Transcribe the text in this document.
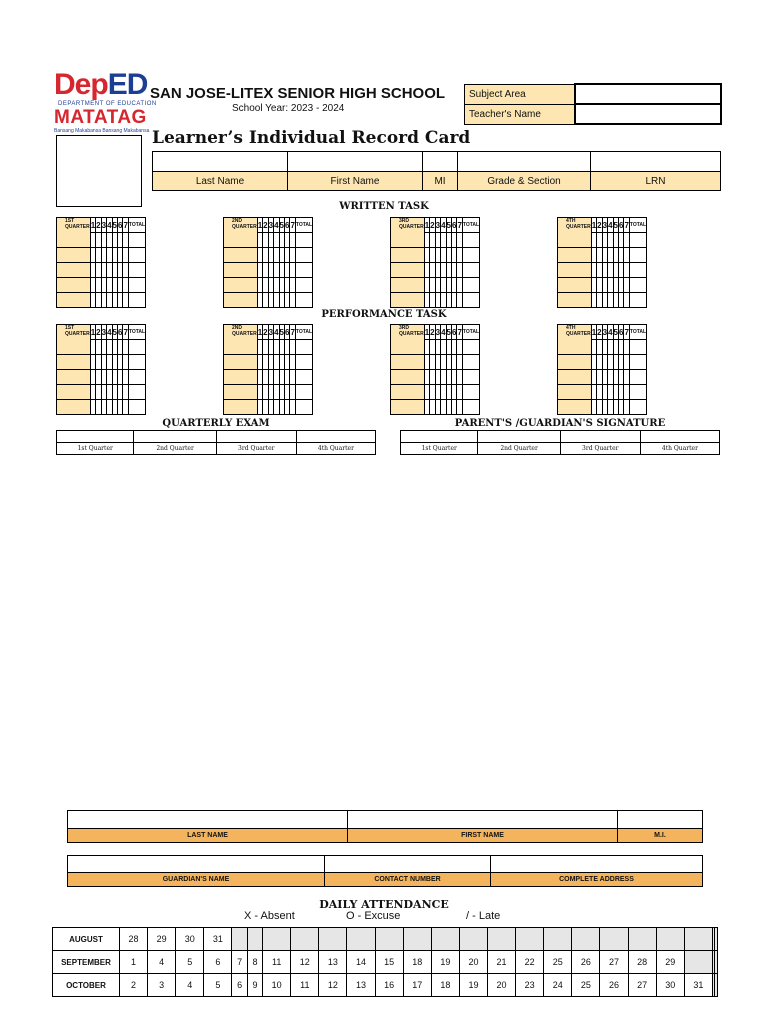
DepED
DEPARTMENT OF EDUCATION
MATATAG
Bansang Makabansa Bansang Makabansa
SAN JOSE-LITEX SENIOR HIGH SCHOOL
School Year: 2023 - 2024
Subject Area	
Teacher's Name	
Learner’s Individual Record Card

Last Name	First Name	MI	Grade & Section	LRN
WRITTEN TASK
1ST QUARTER	1	2	3	4	5	6	7	TOTAL

2ND QUARTER	1	2	3	4	5	6	7	TOTAL

3RD QUARTER	1	2	3	4	5	6	7	TOTAL

4TH QUARTER	1	2	3	4	5	6	7	TOTAL

PERFORMANCE TASK
1ST QUARTER	1	2	3	4	5	6	7	TOTAL

2ND QUARTER	1	2	3	4	5	6	7	TOTAL

3RD QUARTER	1	2	3	4	5	6	7	TOTAL

4TH QUARTER	1	2	3	4	5	6	7	TOTAL

QUARTERLY EXAM

1st Quarter	2nd Quarter	3rd Quarter	4th Quarter
PARENT'S /GUARDIAN'S SIGNATURE

1st Quarter	2nd Quarter	3rd Quarter	4th Quarter

LAST NAME	FIRST NAME	M.I.

GUARDIAN'S NAME	CONTACT NUMBER	COMPLETE ADDRESS
DAILY ATTENDANCE
X - Absent	O - Excuse	/ - Late
AUGUST	28	29	30	31																				
SEPTEMBER	1	4	5	6	7	8	11	12	13	14	15	18	19	20	21	22	25	26	27	28	29			
OCTOBER	2	3	4	5	6	9	10	11	12	13	16	17	18	19	20	23	24	25	26	27	30	31		
